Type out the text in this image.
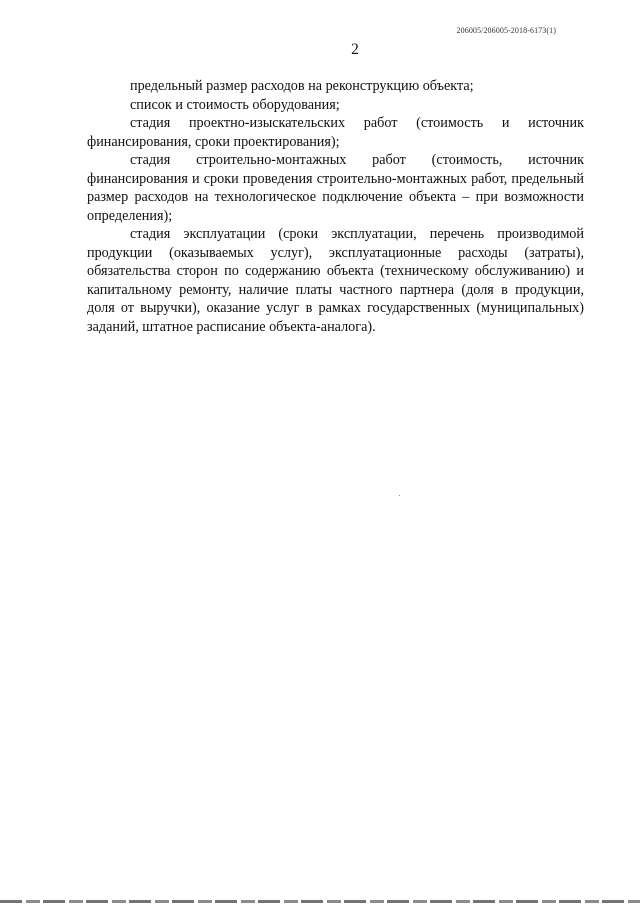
206005/206005-2018-6173(1)
2

предельный размер расходов на реконструкцию объекта;

список и стоимость оборудования;

стадия проектно-изыскательских работ (стоимость и источник финансирования, сроки проектирования);

стадия строительно-монтажных работ (стоимость, источник финансирования и сроки проведения строительно-монтажных работ, предельный размер расходов на технологическое подключение объекта – при возможности определения);

стадия эксплуатации (сроки эксплуатации, перечень производимой продукции (оказываемых услуг), эксплуатационные расходы (затраты), обязательства сторон по содержанию объекта (техническому обслуживанию) и капитальному ремонту, наличие платы частного партнера (доля в продукции, доля от выручки), оказание услуг в рамках государственных (муниципальных) заданий, штатное расписание объекта-аналога).
